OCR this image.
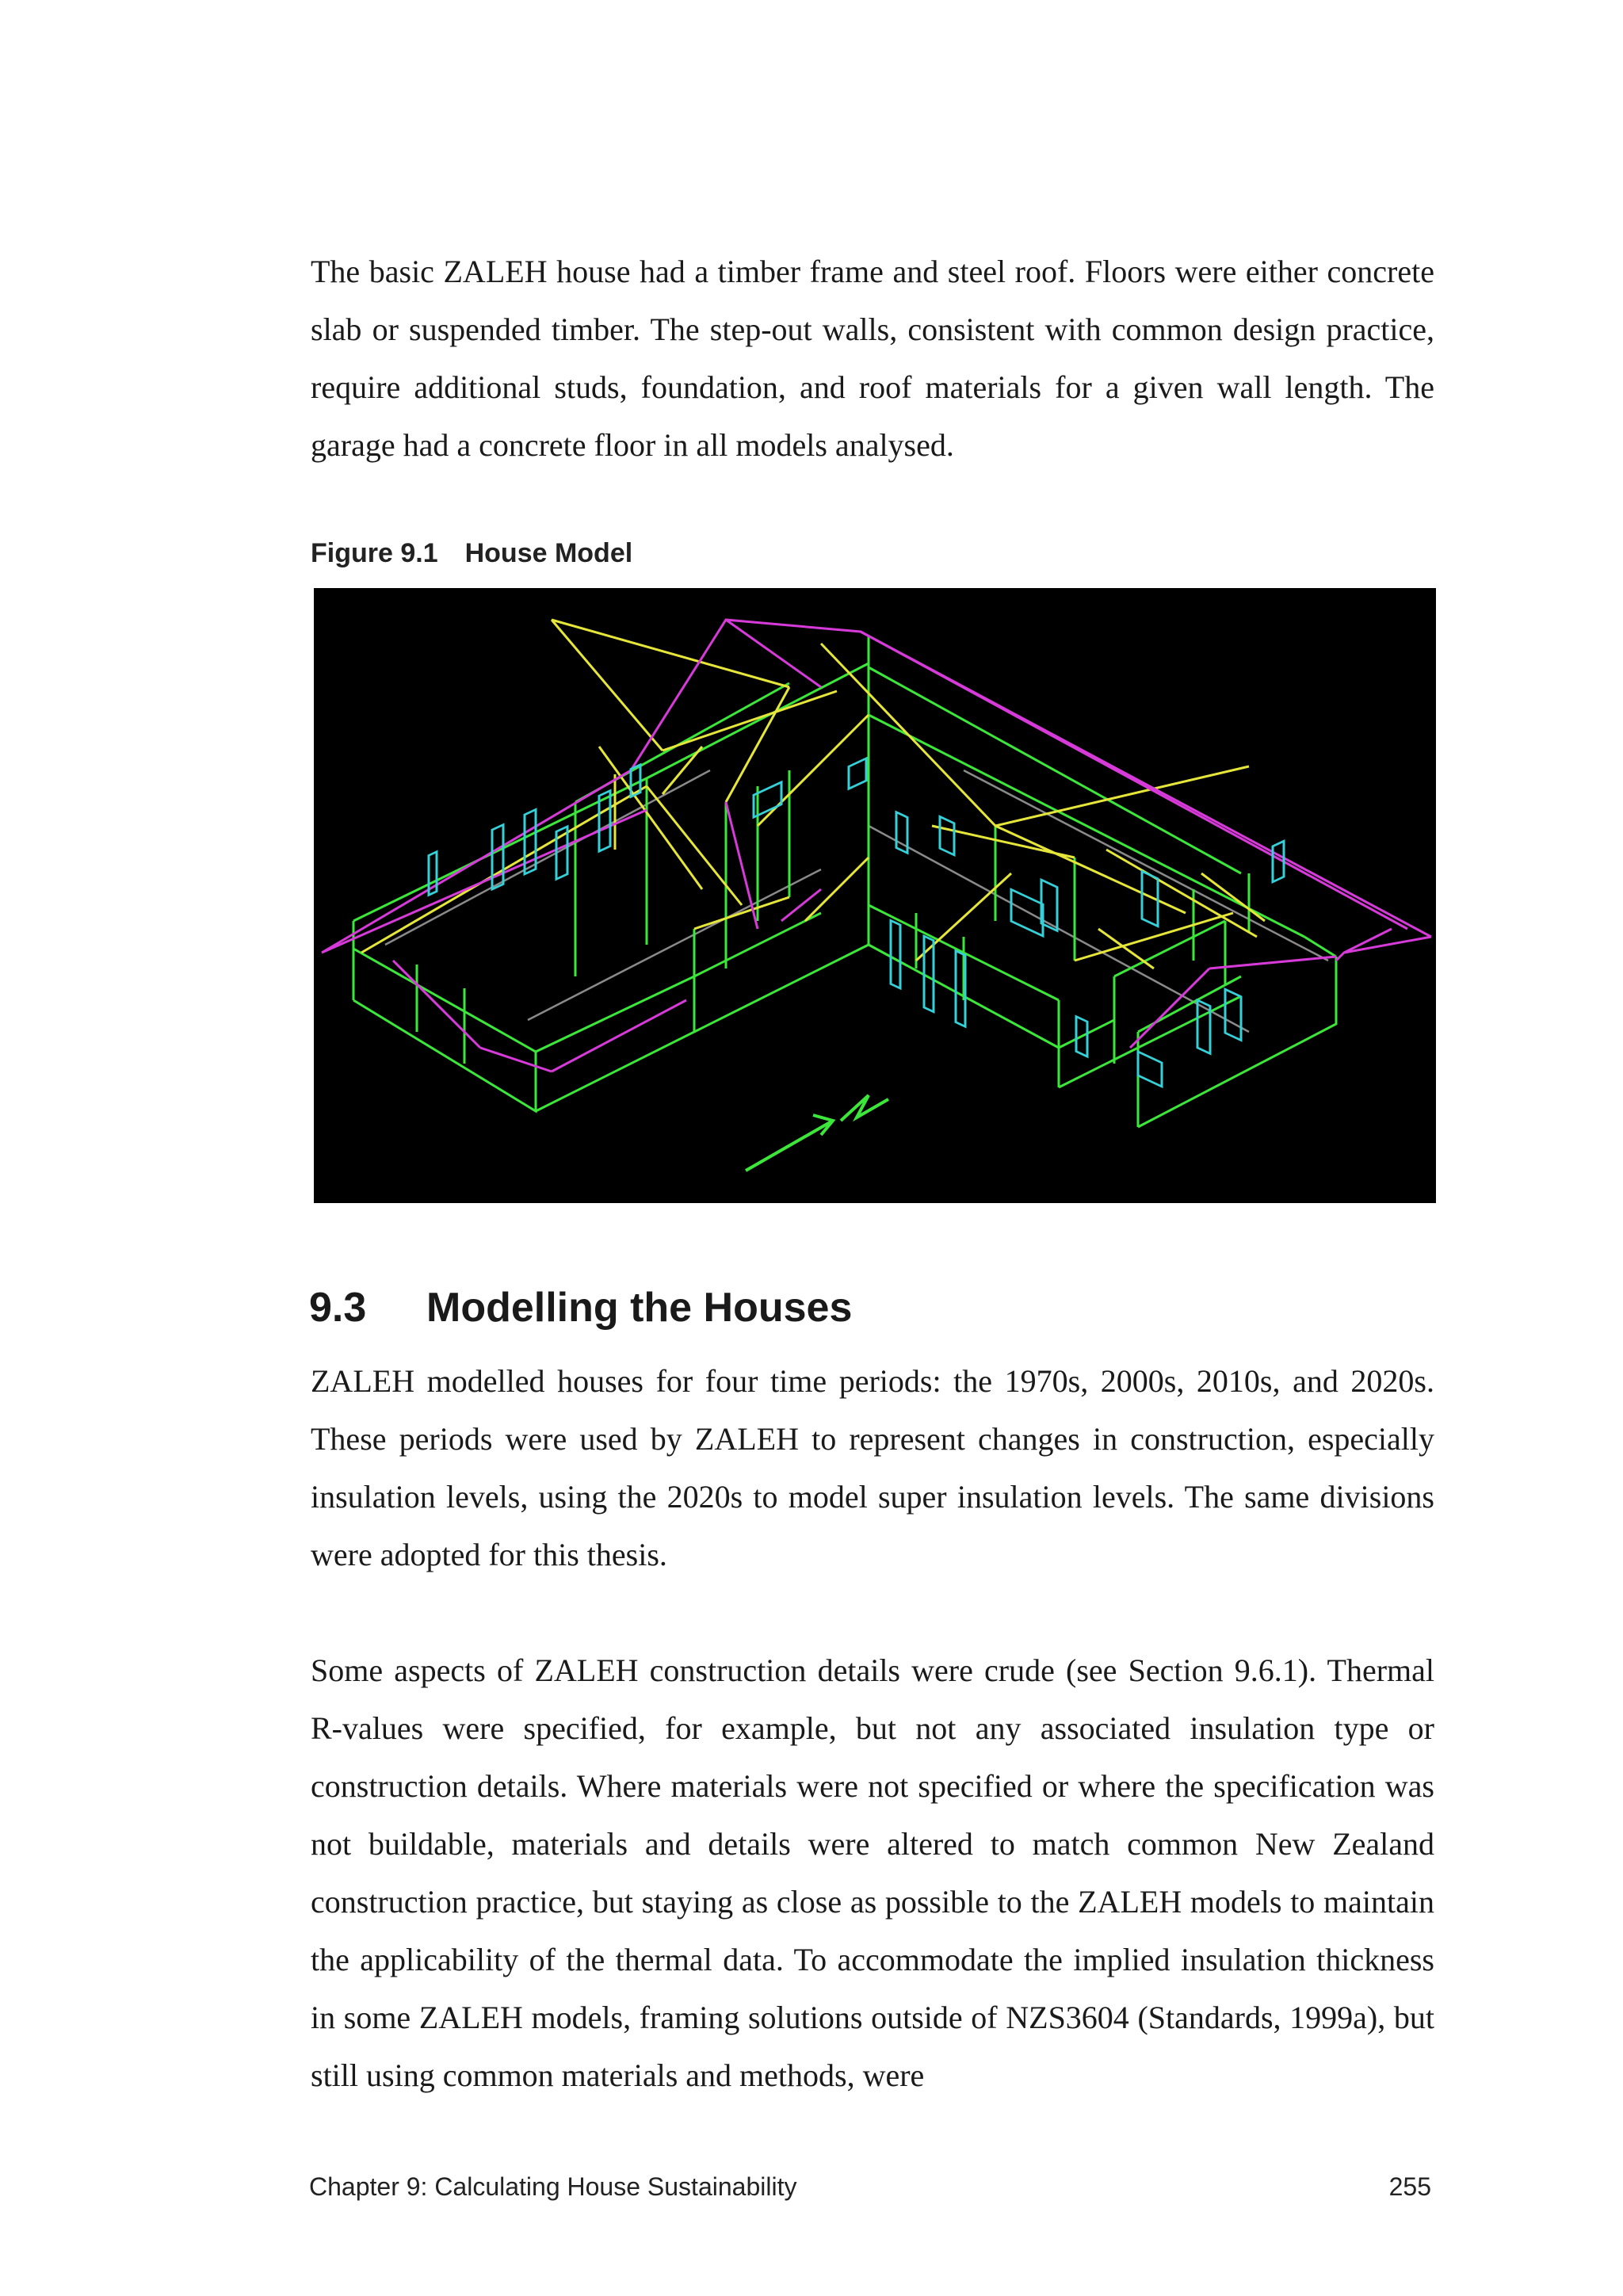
The basic ZALEH house had a timber frame and steel roof. Floors were either concrete slab or suspended timber. The step-out walls, consistent with common design practice, require additional studs, foundation, and roof materials for a given wall length. The garage had a concrete floor in all models analysed.

Figure 9.1 House Model
9.3 Modelling the Houses

ZALEH modelled houses for four time periods: the 1970s, 2000s, 2010s, and 2020s. These periods were used by ZALEH to represent changes in construction, especially insulation levels, using the 2020s to model super insulation levels. The same divisions were adopted for this thesis.

Some aspects of ZALEH construction details were crude (see Section 9.6.1). Thermal R-values were specified, for example, but not any associated insulation type or construction details. Where materials were not specified or where the specification was not buildable, materials and details were altered to match common New Zealand construction practice, but staying as close as possible to the ZALEH models to maintain the applicability of the thermal data. To accommodate the implied insulation thickness in some ZALEH models, framing solutions outside of NZS3604 (Standards, 1999a), but still using common materials and methods, were

Chapter 9: Calculating House Sustainability	255
